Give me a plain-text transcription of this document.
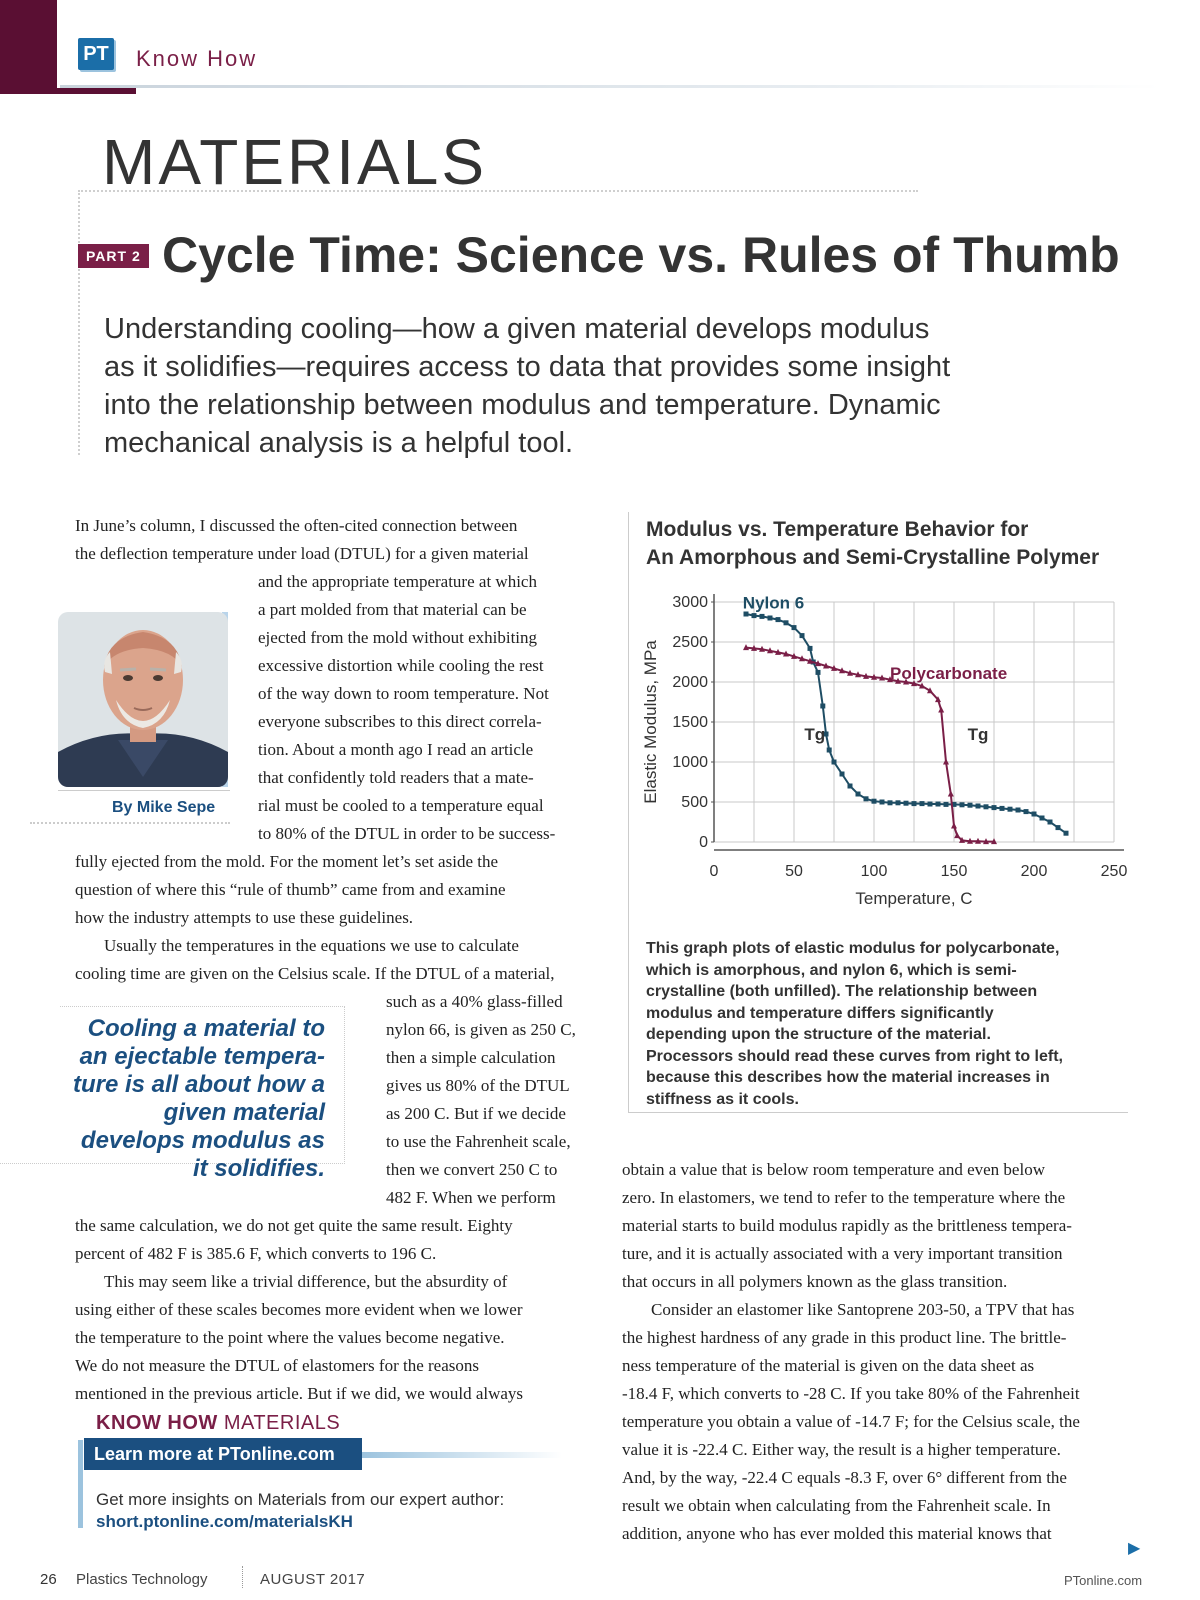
PT Know How
MATERIALS
PART 2 Cycle Time: Science vs. Rules of Thumb
Understanding cooling—how a given material develops modulus as it solidifies—requires access to data that provides some insight into the relationship between modulus and temperature. Dynamic mechanical analysis is a helpful tool.
By Mike Sepe
Cooling a material to an ejectable tempera-ture is all about how a given material develops modulus as it solidifies.
In June’s column, I discussed the often-cited connection between
the deflection temperature under load (DTUL) for a given material
and the appropriate temperature at which
a part molded from that material can be
ejected from the mold without exhibiting
excessive distortion while cooling the rest
of the way down to room temperature. Not
everyone subscribes to this direct correla-
tion. About a month ago I read an article
that confidently told readers that a mate-
rial must be cooled to a temperature equal
to 80% of the DTUL in order to be success-
fully ejected from the mold. For the moment let’s set aside the
question of where this “rule of thumb” came from and examine
how the industry attempts to use these guidelines.
Usually the temperatures in the equations we use to calculate
cooling time are given on the Celsius scale. If the DTUL of a material,
such as a 40% glass-filled
nylon 66, is given as 250 C,
then a simple calculation
gives us 80% of the DTUL
as 200 C. But if we decide
to use the Fahrenheit scale,
then we convert 250 C to
482 F. When we perform
the same calculation, we do not get quite the same result. Eighty
percent of 482 F is 385.6 F, which converts to 196 C.
This may seem like a trivial difference, but the absurdity of
using either of these scales becomes more evident when we lower
the temperature to the point where the values become negative.
We do not measure the DTUL of elastomers for the reasons
mentioned in the previous article. But if we did, we would always
obtain a value that is below room temperature and even below
zero. In elastomers, we tend to refer to the temperature where the
material starts to build modulus rapidly as the brittleness tempera-
ture, and it is actually associated with a very important transition
that occurs in all polymers known as the glass transition.
Consider an elastomer like Santoprene 203-50, a TPV that has
the highest hardness of any grade in this product line. The brittle-
ness temperature of the material is given on the data sheet as
-18.4 F, which converts to -28 C. If you take 80% of the Fahrenheit
temperature you obtain a value of -14.7 F; for the Celsius scale, the
value it is -22.4 C. Either way, the result is a higher temperature.
And, by the way, -22.4 C equals -8.3 F, over 6° different from the
result we obtain when calculating from the Fahrenheit scale. In
addition, anyone who has ever molded this material knows that
▶
KNOW HOW MATERIALS
Learn more at PTonline.com
Get more insights on Materials from our expert author:
short.ptonline.com/materialsKH
Modulus vs. Temperature Behavior for
An Amorphous and Semi-Crystalline Polymer
0
500
1000
1500
2000
2500
3000
0	50	100	150	200	250
Temperature, C
Elastic Modulus, MPa
Nylon 6
Polycarbonate
Tg	Tg
This graph plots of elastic modulus for polycarbonate, which is amorphous, and nylon 6, which is semi-crystalline (both unfilled). The relationship between modulus and temperature differs significantly depending upon the structure of the material. Processors should read these curves from right to left, because this describes how the material increases in stiffness as it cools.
26 Plastics Technology	AUGUST 2017	PTonline.com
